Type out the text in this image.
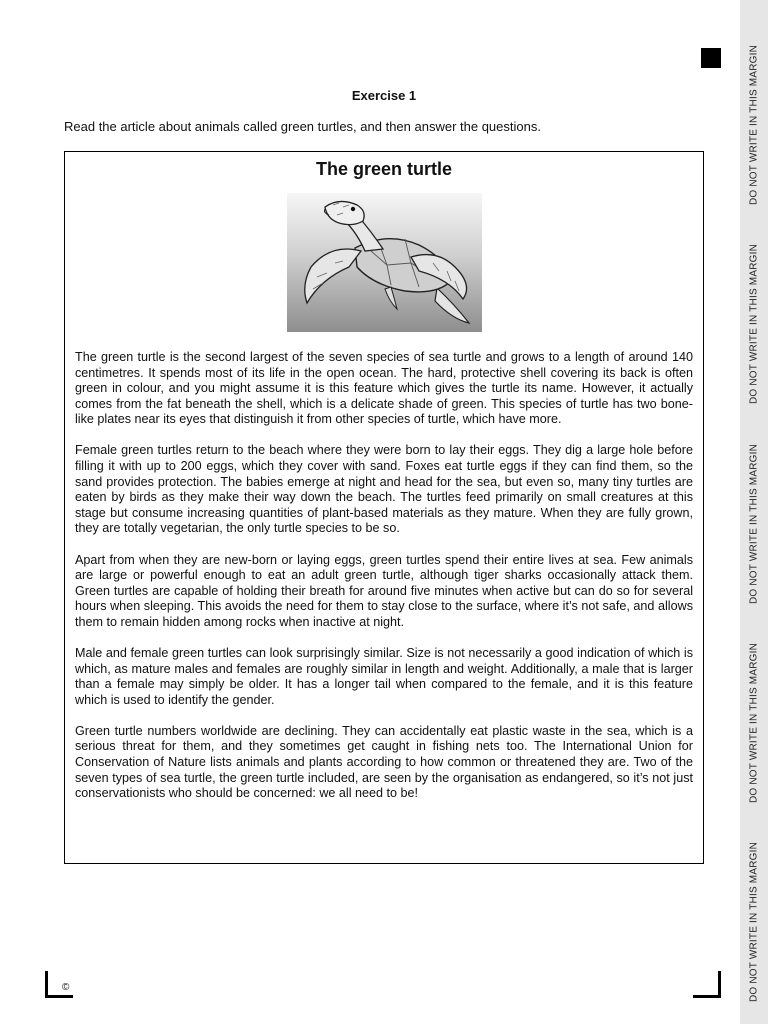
DO NOT WRITE IN THIS MARGIN
DO NOT WRITE IN THIS MARGIN
DO NOT WRITE IN THIS MARGIN
DO NOT WRITE IN THIS MARGIN
DO NOT WRITE IN THIS MARGIN
Exercise 1

Read the article about animals called green turtles, and then answer the questions.

The green turtle

The green turtle is the second largest of the seven species of sea turtle and grows to a length of around 140 centimetres. It spends most of its life in the open ocean. The hard, protective shell covering its back is often green in colour, and you might assume it is this feature which gives the turtle its name. However, it actually comes from the fat beneath the shell, which is a delicate shade of green. This species of turtle has two bone-like plates near its eyes that distinguish it from other species of turtle, which have more.

Female green turtles return to the beach where they were born to lay their eggs. They dig a large hole before filling it with up to 200 eggs, which they cover with sand. Foxes eat turtle eggs if they can find them, so the sand provides protection. The babies emerge at night and head for the sea, but even so, many tiny turtles are eaten by birds as they make their way down the beach. The turtles feed primarily on small creatures at this stage but consume increasing quantities of plant-based materials as they mature. When they are fully grown, they are totally vegetarian, the only turtle species to be so.

Apart from when they are new-born or laying eggs, green turtles spend their entire lives at sea. Few animals are large or powerful enough to eat an adult green turtle, although tiger sharks occasionally attack them. Green turtles are capable of holding their breath for around five minutes when active but can do so for several hours when sleeping. This avoids the need for them to stay close to the surface, where it’s not safe, and allows them to remain hidden among rocks when inactive at night.

Male and female green turtles can look surprisingly similar. Size is not necessarily a good indication of which is which, as mature males and females are roughly similar in length and weight. Additionally, a male that is larger than a female may simply be older. It has a longer tail when compared to the female, and it is this feature which is used to identify the gender.

Green turtle numbers worldwide are declining. They can accidentally eat plastic waste in the sea, which is a serious threat for them, and they sometimes get caught in fishing nets too. The International Union for Conservation of Nature lists animals and plants according to how common or threatened they are. Two of the seven types of sea turtle, the green turtle included, are seen by the organisation as endangered, so it’s not just conservationists who should be concerned: we all need to be!

©
